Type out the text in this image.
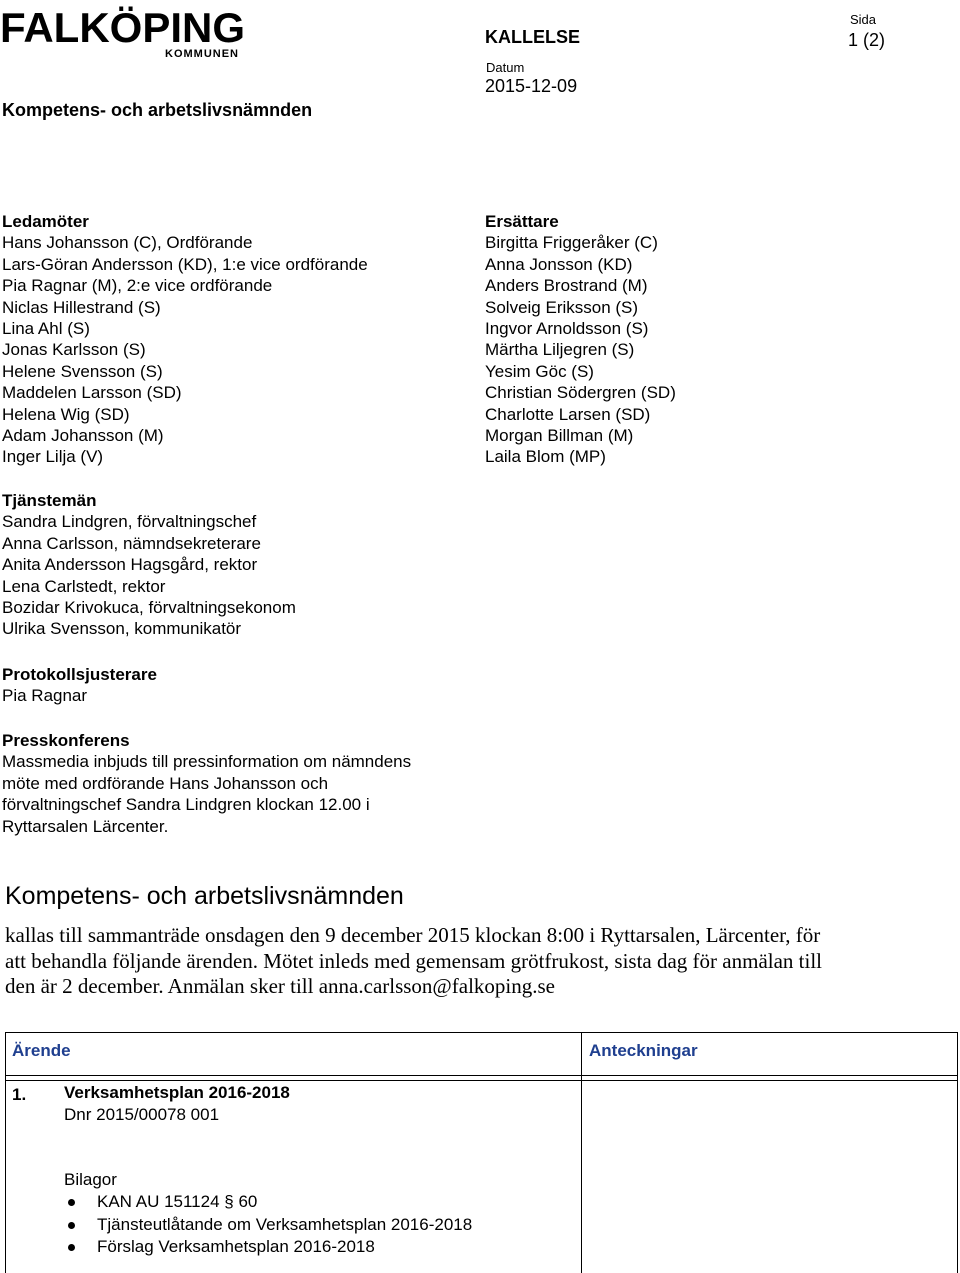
FALKÖPING
KOMMUNEN
Kompetens- och arbetslivsnämnden
KALLELSE
Sida
1 (2)
Datum
2015-12-09
Ledamöter
Hans Johansson (C), Ordförande
Lars-Göran Andersson (KD), 1:e vice ordförande
Pia Ragnar (M), 2:e vice ordförande
Niclas Hillestrand (S)
Lina Ahl (S)
Jonas Karlsson (S)
Helene Svensson (S)
Maddelen Larsson (SD)
Helena Wig (SD)
Adam Johansson (M)
Inger Lilja (V)
Ersättare
Birgitta Friggeråker (C)
Anna Jonsson (KD)
Anders Brostrand (M)
Solveig Eriksson (S)
Ingvor Arnoldsson (S)
Märtha Liljegren (S)
Yesim Göc (S)
Christian Södergren (SD)
Charlotte Larsen (SD)
Morgan Billman (M)
Laila Blom (MP)
Tjänstemän
Sandra Lindgren, förvaltningschef
Anna Carlsson, nämndsekreterare
Anita Andersson Hagsgård, rektor
Lena Carlstedt, rektor
Bozidar Krivokuca, förvaltningsekonom
Ulrika Svensson, kommunikatör
Protokollsjusterare
Pia Ragnar
Presskonferens
Massmedia inbjuds till pressinformation om nämndens
möte med ordförande Hans Johansson och
förvaltningschef Sandra Lindgren klockan 12.00 i
Ryttarsalen Lärcenter.
Kompetens- och arbetslivsnämnden
kallas till sammanträde onsdagen den 9 december 2015 klockan 8:00 i Ryttarsalen, Lärcenter, för
att behandla följande ärenden. Mötet inleds med gemensam grötfrukost, sista dag för anmälan till
den är 2 december. Anmälan sker till anna.carlsson@falkoping.se
Ärende	Anteckningar
1. Verksamhetsplan 2016-2018
Dnr 2015/00078 001
Bilagor
KAN AU 151124 § 60
Tjänsteutlåtande om Verksamhetsplan 2016-2018
Förslag Verksamhetsplan 2016-2018
